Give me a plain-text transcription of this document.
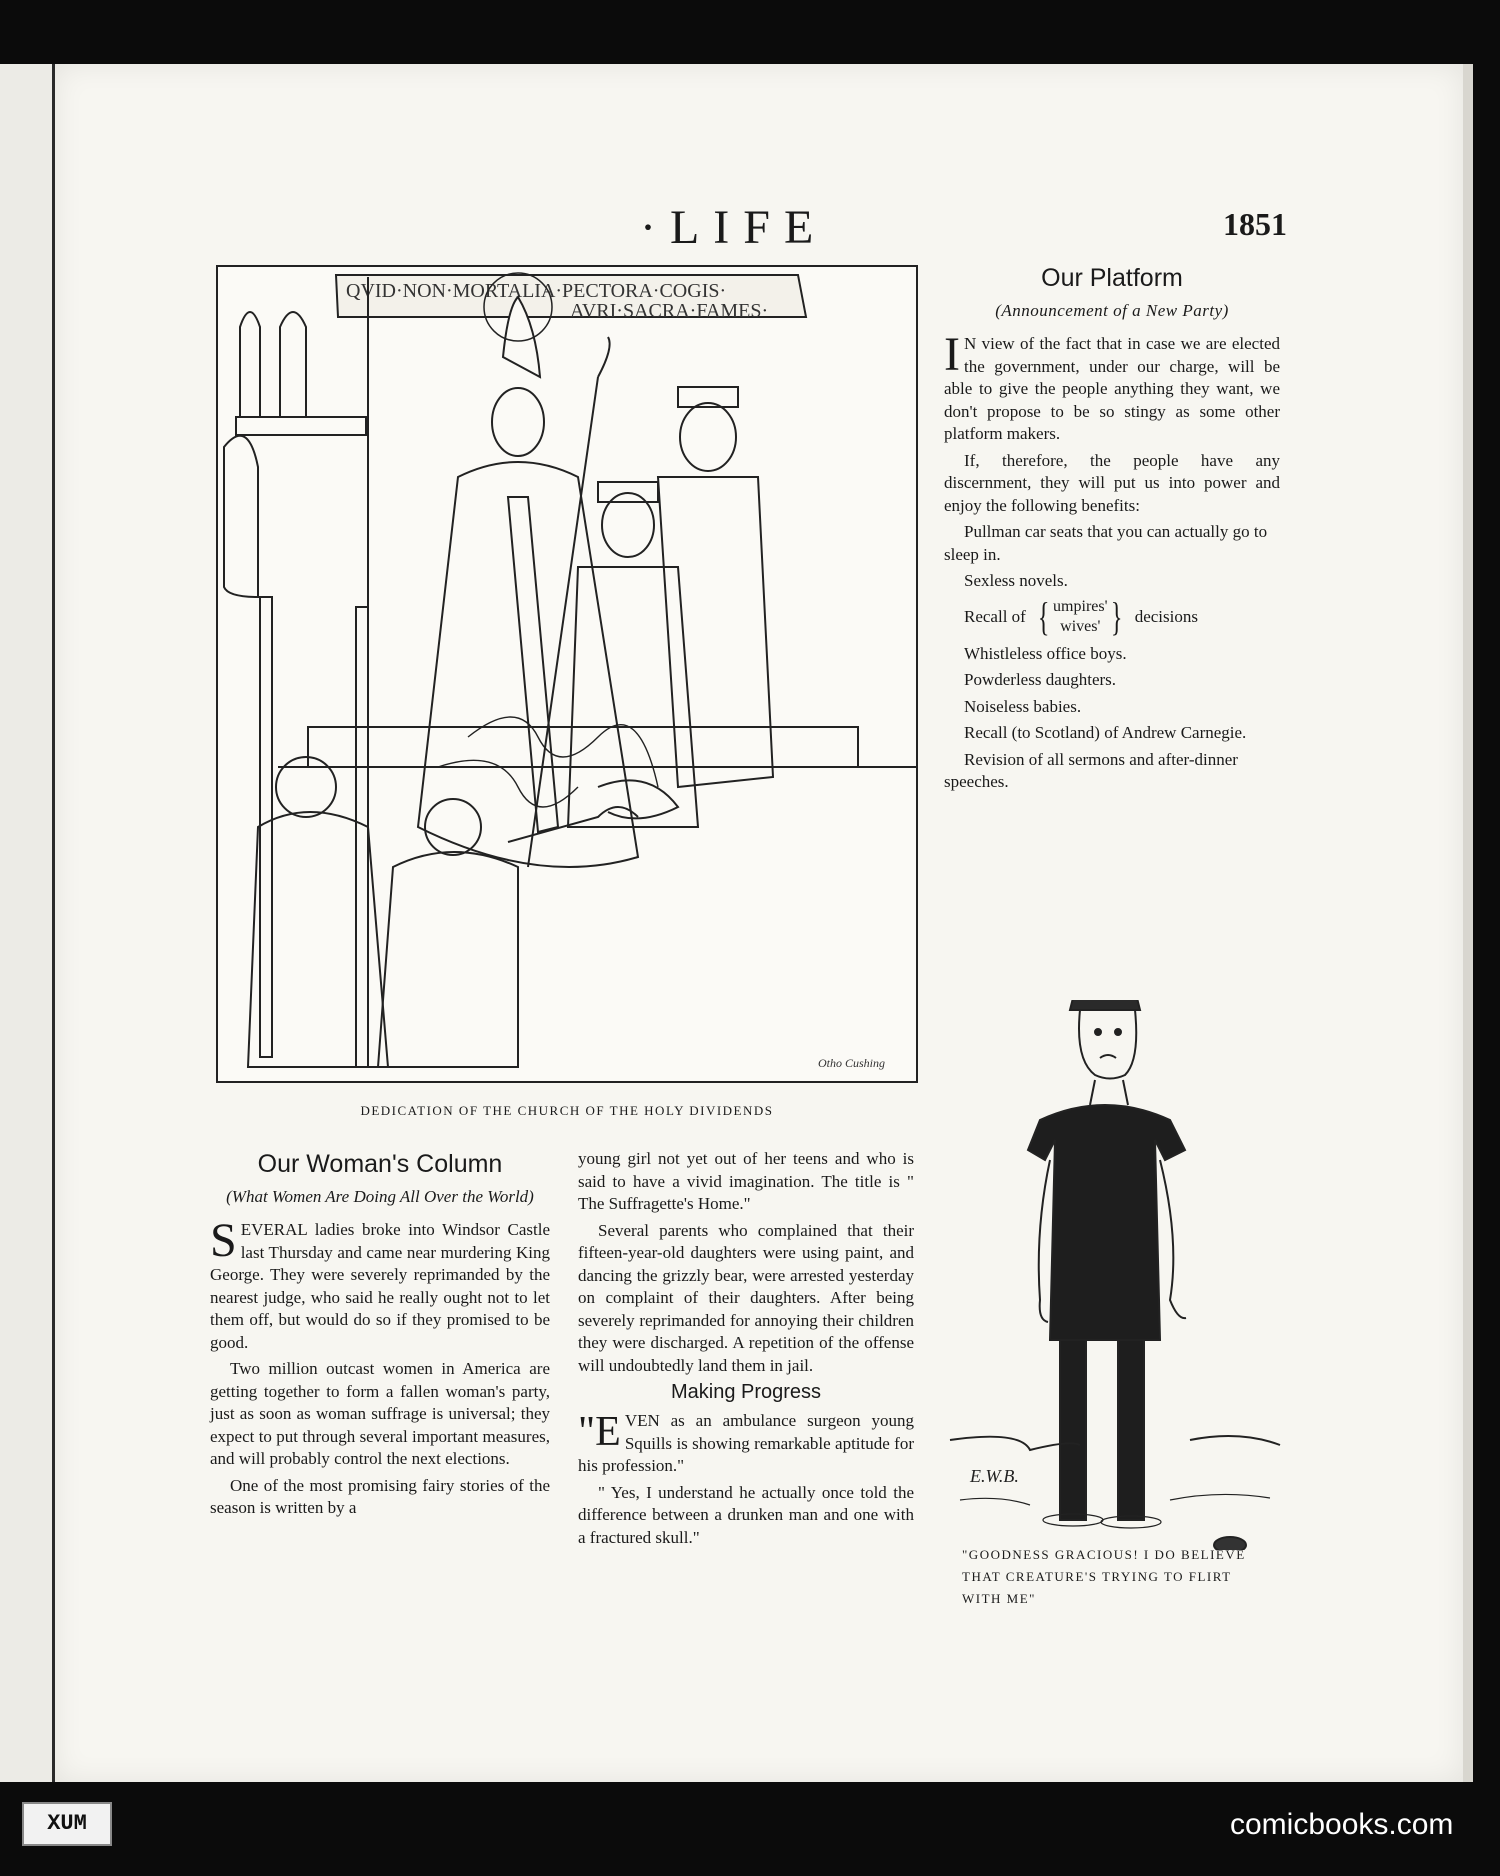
·LIFE	1851
QVID·NON·MORTALIA·PECTORA·COGIS·
AVRI·SACRA·FAMES·
Otho Cushing
DEDICATION OF THE CHURCH OF THE HOLY DIVIDENDS
Our Platform
(Announcement of a New Party)

I N view of the fact that in case we are elected the government, under our charge, will be able to give the people anything they want, we don't propose to be so stingy as some other platform makers.

If, therefore, the people have any discernment, they will put us into power and enjoy the following benefits:

Pullman car seats that you can actually go to sleep in.
Sexless novels.
Recall of { umpires'
wives' } decisions
Whistleless office boys.
Powderless daughters.
Noiseless babies.
Recall (to Scotland) of Andrew Carnegie.
Revision of all sermons and after-dinner speeches.
Our Woman's Column
(What Women Are Doing All Over the World)

SEVERAL ladies broke into Windsor Castle last Thursday and came near murdering King George. They were severely reprimanded by the nearest judge, who said he really ought not to let them off, but would do so if they promised to be good.

Two million outcast women in America are getting together to form a fallen woman's party, just as soon as woman suffrage is universal; they expect to put through several important measures, and will probably control the next elections.

One of the most promising fairy stories of the season is written by a

young girl not yet out of her teens and who is said to have a vivid imagination. The title is " The Suffragette's Home."

Several parents who complained that their fifteen-year-old daughters were using paint, and dancing the grizzly bear, were arrested yesterday on complaint of their daughters. After being severely reprimanded for annoying their children they were discharged. A repetition of the offense will undoubtedly land them in jail.

Making Progress

"EVEN as an ambulance surgeon young Squills is showing remarkable aptitude for his profession."

" Yes, I understand he actually once told the difference between a drunken man and one with a fractured skull."

E.W.B.
"GOODNESS GRACIOUS! I DO BELIEVE THAT CREATURE'S TRYING TO FLIRT WITH ME"
XUM	comicbooks.com
